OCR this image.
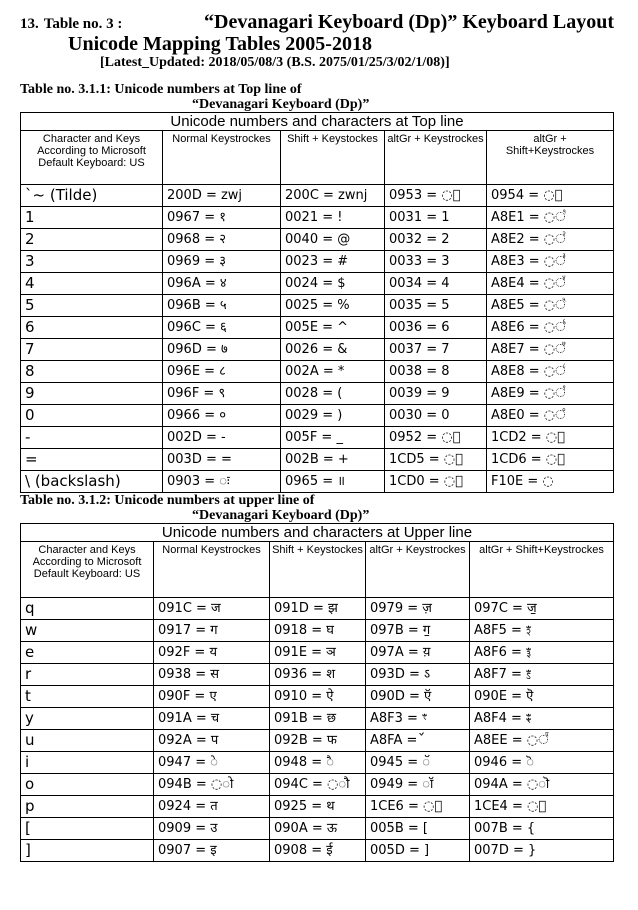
13. Table no. 3 :	“Devanagari Keyboard (Dp)” Keyboard Layout
Unicode Mapping Tables 2005-2018
[Latest_Updated: 2018/05/08/3 (B.S. 2075/01/25/3/02/1/08)]
Table no. 3.1.1: Unicode numbers at Top line of
“Devanagari Keyboard (Dp)”
Unicode numbers and characters at Top line				
Character and Keys According to Microsoft Default Keyboard: US	Normal Keystrockes	Shift + Keystockes	altGr + Keystrockes	altGr + Shift+Keystrockes
`~ (Tilde)	200D = zwj	200C = zwnj	0953 = ◌॓	0954 = ◌॔
1	0967 = १	0021 = !	0031 = 1	A8E1 = ◌꣡
2	0968 = २	0040 = @	0032 = 2	A8E2 = ◌꣢
3	0969 = ३	0023 = #	0033 = 3	A8E3 = ◌꣣
4	096A = ४	0024 = $	0034 = 4	A8E4 = ◌꣤
5	096B = ५	0025 = %	0035 = 5	A8E5 = ◌꣥
6	096C = ६	005E = ^	0036 = 6	A8E6 = ◌꣦
7	096D = ७	0026 = &	0037 = 7	A8E7 = ◌꣧
8	096E = ८	002A = *	0038 = 8	A8E8 = ◌꣨
9	096F = ९	0028 = (	0039 = 9	A8E9 = ◌꣩
0	0966 = ०	0029 = )	0030 = 0	A8E0 = ◌꣠
-	002D = -	005F = _	0952 = ◌॒	1CD2 = ◌᳒
=	003D = =	002B = +	1CD5 = ◌᳕	1CD6 = ◌᳖
\ (backslash)	0903 = ◌ः	0965 = ॥	1CD0 = ◌᳐	F10E = ◌
Table no. 3.1.2: Unicode numbers at upper line of
“Devanagari Keyboard (Dp)”
Unicode numbers and characters at Upper line				
Character and Keys According to Microsoft Default Keyboard: US	Normal Keystrockes	Shift + Keystockes	altGr + Keystrockes	altGr + Shift+Keystrockes
q	091C = ज	091D = झ	0979 = ज़	097C = ज॒
w	0917 = ग	0918 = घ	097B = ग॒	A8F5 = ꣵ
e	092F = य	091E = ञ	097A = य़	A8F6 = ꣶ
r	0938 = स	0936 = श	093D = ऽ	A8F7 = ꣷ
t	090F = ए	0910 = ऐ	090D = ऍ	090E = ऎ
y	091A = च	091B = छ	A8F3 = ꣳ	A8F4 = ꣴ
u	092A = प	092B = फ	A8FA = ꣺	A8EE = ◌꣮
i	0947 = ◌े	0948 = ◌ै	0945 = ◌ॅ	0946 = ◌ॆ
o	094B = ◌ो	094C = ◌ौ	0949 = ◌ॉ	094A = ◌ॊ
p	0924 = त	0925 = थ	1CE6 = ◌᳦	1CE4 = ◌᳤
[	0909 = उ	090A = ऊ	005B = [	007B = {
]	0907 = इ	0908 = ई	005D = ]	007D = }
